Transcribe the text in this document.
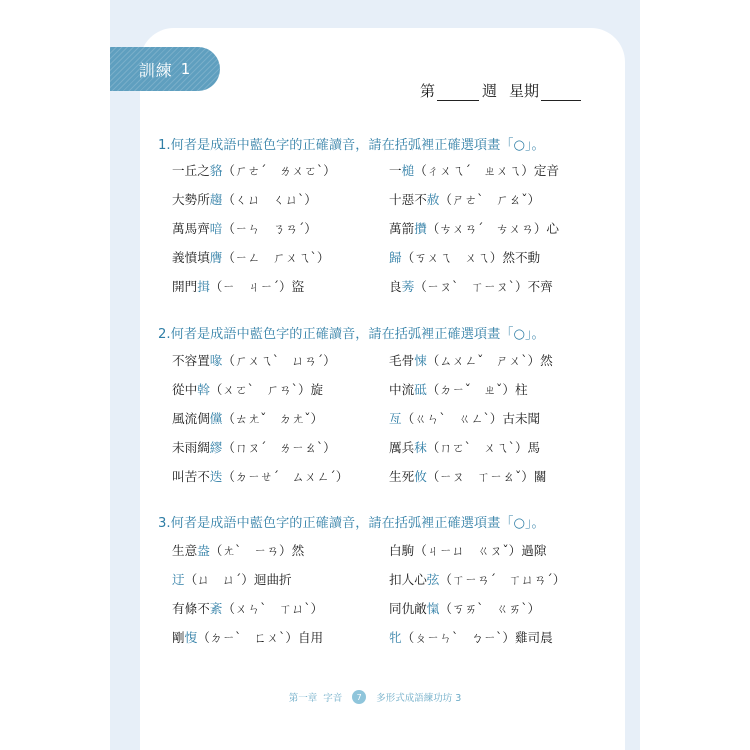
訓練 1
第	週 星期
1.何者是成語中藍色字的正確讀音，請在括弧裡正確選項畫「○」。
2.何者是成語中藍色字的正確讀音，請在括弧裡正確選項畫「○」。
3.何者是成語中藍色字的正確讀音，請在括弧裡正確選項畫「○」。
一丘之貉（ㄏㄜˊ　ㄌㄨㄛˋ）	一槌（ㄔㄨㄟˊ　ㄓㄨㄟ）定音
大勢所趨（ㄑㄩ　ㄑㄩˋ）	十惡不赦（ㄕㄜˋ　ㄏㄠˇ）
萬馬齊喑（ㄧㄣ　ㄋㄢˊ）	萬箭攢（ㄘㄨㄢˊ　ㄘㄨㄢ）心
義憤填膺（ㄧㄥ　ㄏㄨㄟˋ）	歸（ㄎㄨㄟ　ㄨㄟ）然不動
開門揖（ㄧ　ㄐㄧˊ）盜	良莠（ㄧㄡˋ　ㄒㄧㄡˋ）不齊
不容置喙（ㄏㄨㄟˋ　ㄩㄢˊ）	毛骨悚（ㄙㄨㄥˇ　ㄕㄨˋ）然
從中斡（ㄨㄛˋ　ㄏㄢˋ）旋	中流砥（ㄉㄧˇ　ㄓˇ）柱
風流倜儻（ㄊㄤˇ　ㄉㄤˇ）	亙（ㄍㄣˋ　ㄍㄥˋ）古未聞
未雨綢繆（ㄇㄡˊ　ㄌㄧㄠˋ）	厲兵秣（ㄇㄛˋ　ㄨㄟˋ）馬
叫苦不迭（ㄉㄧㄝˊ　ㄙㄨㄥˊ）	生死攸（ㄧㄡ　ㄒㄧㄠˇ）關
生意盎（ㄤˋ　ㄧㄢ）然	白駒（ㄐㄧㄩ　ㄍㄡˇ）過隙
迂（ㄩ　ㄩˊ）迴曲折	扣人心弦（ㄒㄧㄢˊ　ㄒㄩㄢˊ）
有條不紊（ㄨㄣˋ　ㄒㄩˋ）	同仇敵愾（ㄎㄞˋ　ㄍㄞˋ）
剛愎（ㄉㄧˋ　ㄈㄨˋ）自用	牝（ㄆㄧㄣˋ　ㄅㄧˋ）雞司晨
第一章 字音	7	多形式成語練功坊 3
